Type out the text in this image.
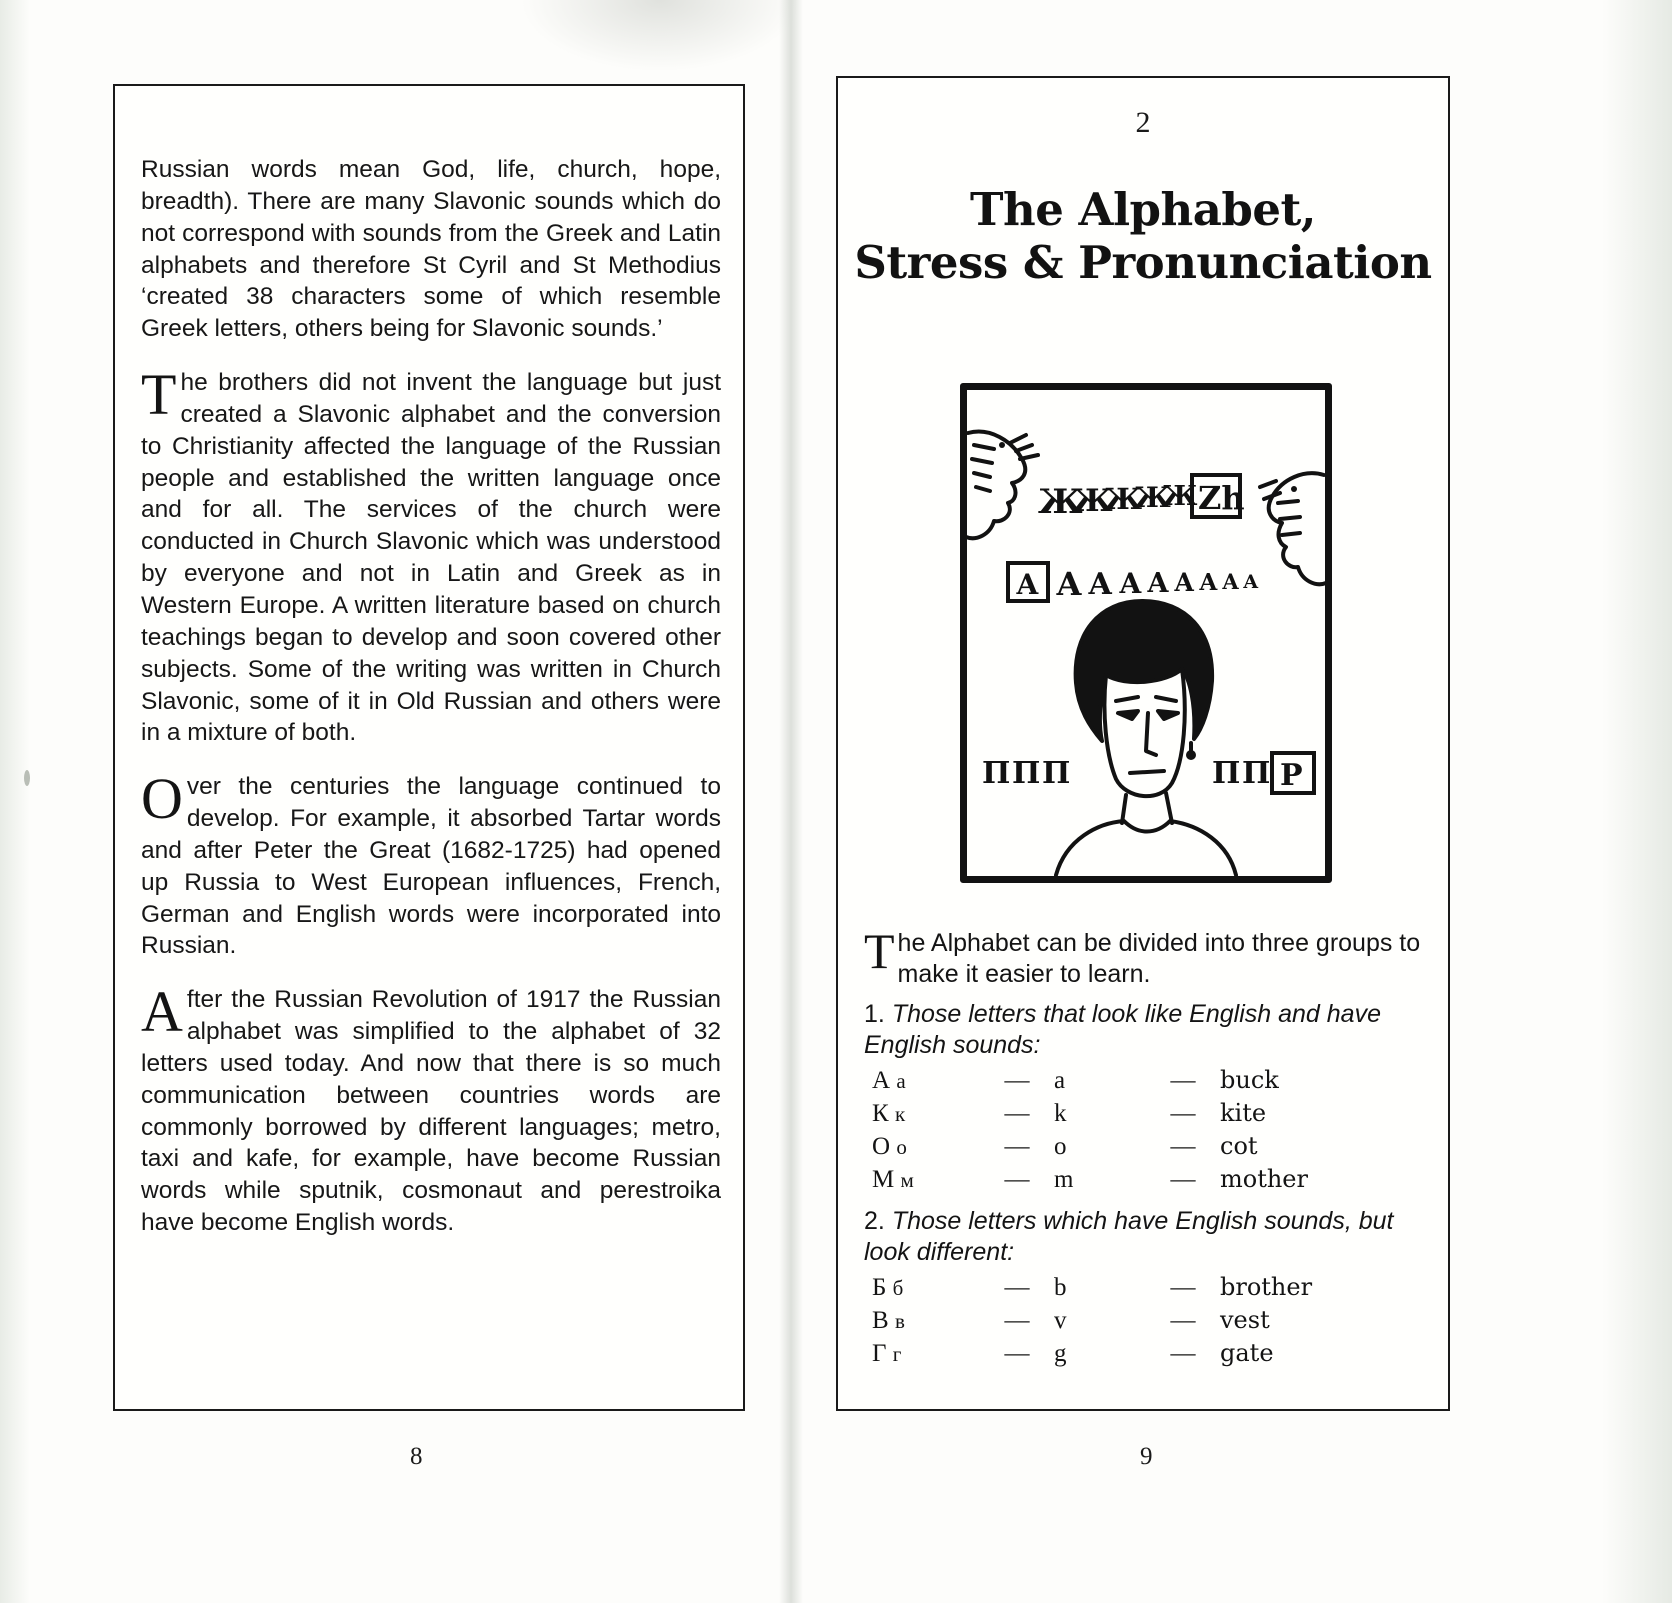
Russian words mean God, life, church, hope, breadth). There are many Slavonic sounds which do not correspond with sounds from the Greek and Latin alphabets and therefore St Cyril and St Methodius ‘created 38 characters some of which resemble Greek letters, others being for Slavonic sounds.’

The brothers did not invent the language but just created a Slavonic alphabet and the conversion to Christianity affected the language of the Russian people and established the written language once and for all. The services of the church were conducted in Church Slavonic which was understood by everyone and not in Latin and Greek as in Western Europe. A written literature based on church teachings began to develop and soon covered other subjects. Some of the writing was written in Church Slavonic, some of it in Old Russian and others were in a mixture of both.

Over the centuries the language continued to develop. For example, it absorbed Tartar words and after Peter the Great (1682-1725) had opened up Russia to West European influences, French, German and English words were incorporated into Russian.

After the Russian Revolution of 1917 the Russian alphabet was simplified to the alphabet of 32 letters used today. And now that there is so much communication between countries words are commonly borrowed by different languages; metro, taxi and kafe, for example, have become Russian words while sputnik, cosmonaut and perestroika have become English words.

8
2
The Alphabet,
Stress & Pronunciation
Ж
Ж
Ж
Ж
Ж Zh
А А А А А А А А А
П П П	П П Р
The Alphabet can be divided into three groups to make it easier to learn.
1. Those letters that look like English and have English sounds:
А а	—	a	—	buck
К к	—	k	—	kite
О о	—	o	—	cot
М м	—	m	—	mother
2. Those letters which have English sounds, but look different:
Б б	—	b	—	brother
В в	—	v	—	vest
Г г	—	g	—	gate
9
